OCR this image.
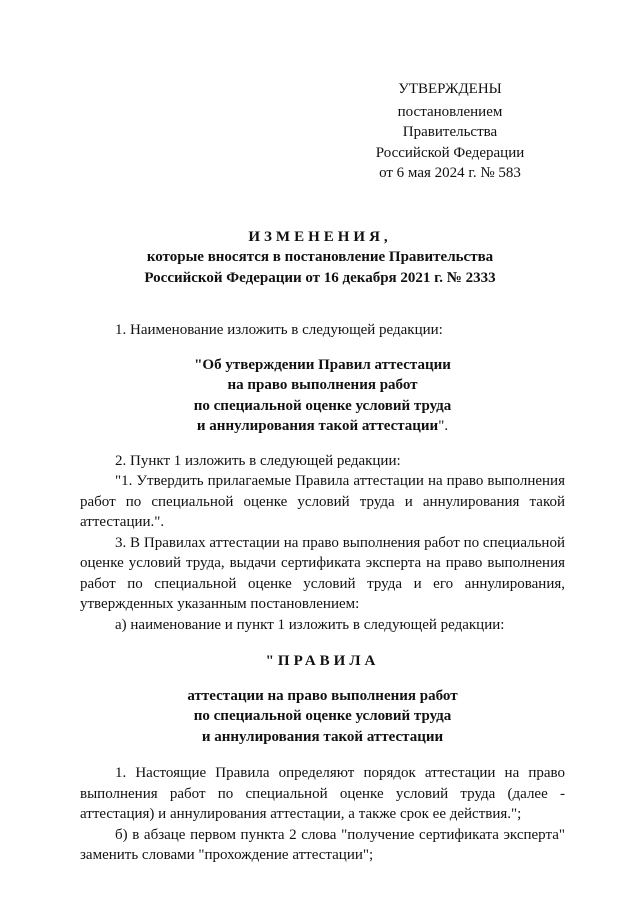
УТВЕРЖДЕНЫ
постановлением Правительства
Российской Федерации
от 6 мая 2024 г. № 583
ИЗМЕНЕНИЯ,
которые вносятся в постановление Правительства
Российской Федерации от 16 декабря 2021 г. № 2333

1. Наименование изложить в следующей редакции:

"Об утверждении Правил аттестации
на право выполнения работ
по специальной оценке условий труда
и аннулирования такой аттестации".

2. Пункт 1 изложить в следующей редакции:

"1. Утвердить прилагаемые Правила аттестации на право выполнения работ по специальной оценке условий труда и аннулирования такой аттестации.".

3. В Правилах аттестации на право выполнения работ по специальной оценке условий труда, выдачи сертификата эксперта на право выполнения работ по специальной оценке условий труда и его аннулирования, утвержденных указанным постановлением:

а) наименование и пункт 1 изложить в следующей редакции:

"ПРАВИЛА

аттестации на право выполнения работ
по специальной оценке условий труда
и аннулирования такой аттестации

1. Настоящие Правила определяют порядок аттестации на право выполнения работ по специальной оценке условий труда (далее - аттестация) и аннулирования аттестации, а также срок ее действия.";

б) в абзаце первом пункта 2 слова "получение сертификата эксперта" заменить словами "прохождение аттестации";
